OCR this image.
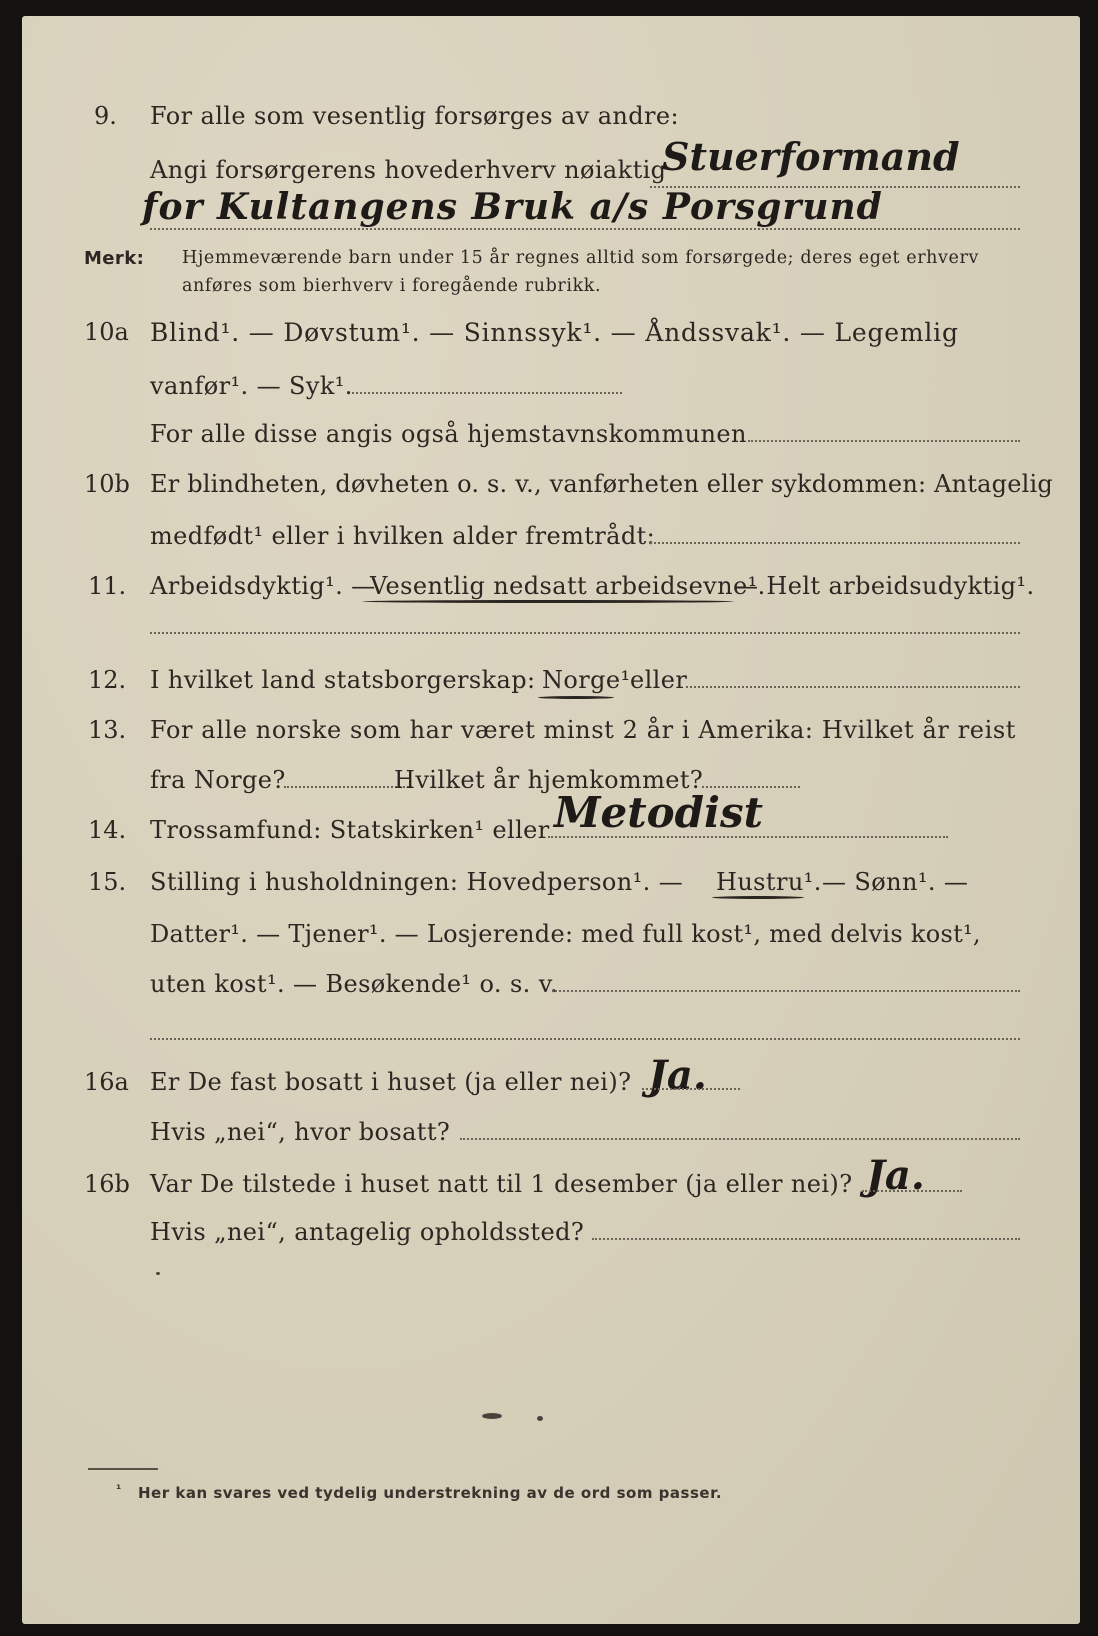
9. For alle som vesentlig forsørges av andre:
Angi forsørgerens hovederhverv nøiaktig
Stuerformand
for Kultangens Bruk a/s Porsgrund
Merk: Hjemmeværende barn under 15 år regnes alltid som forsørgede; deres eget erhverv
anføres som bierhverv i foregående rubrikk.
10a Blind¹. — Døvstum¹. — Sinnssyk¹. — Åndssvak¹. — Legemlig
vanfør¹. — Syk¹.
For alle disse angis også hjemstavnskommunen
10b Er blindheten, døvheten o. s. v., vanførheten eller sykdommen: Antagelig
medfødt¹ eller i hvilken alder fremtrådt:
11. Arbeidsdyktig¹. —
Vesentlig nedsatt arbeidsevne¹.
— Helt arbeidsudyktig¹.
12. I hvilket land statsborgerskap: Norge¹ eller
13. For alle norske som har været minst 2 år i Amerika: Hvilket år reist
fra Norge?	Hvilket år hjemkommet?
14. Trossamfund: Statskirken¹ eller Metodist
15. Stilling i husholdningen: Hovedperson¹. — Hustru¹. — Sønn¹. —
Datter¹. — Tjener¹. — Losjerende: med full kost¹, med delvis kost¹,
uten kost¹. — Besøkende¹ o. s. v.
16a Er De fast bosatt i huset (ja eller nei)? Ja.
Hvis „nei“, hvor bosatt?
16b Var De tilstede i huset natt til 1 desember (ja eller nei)? Ja.
Hvis „nei“, antagelig opholdssted?
¹ Her kan svares ved tydelig understrekning av de ord som passer.
